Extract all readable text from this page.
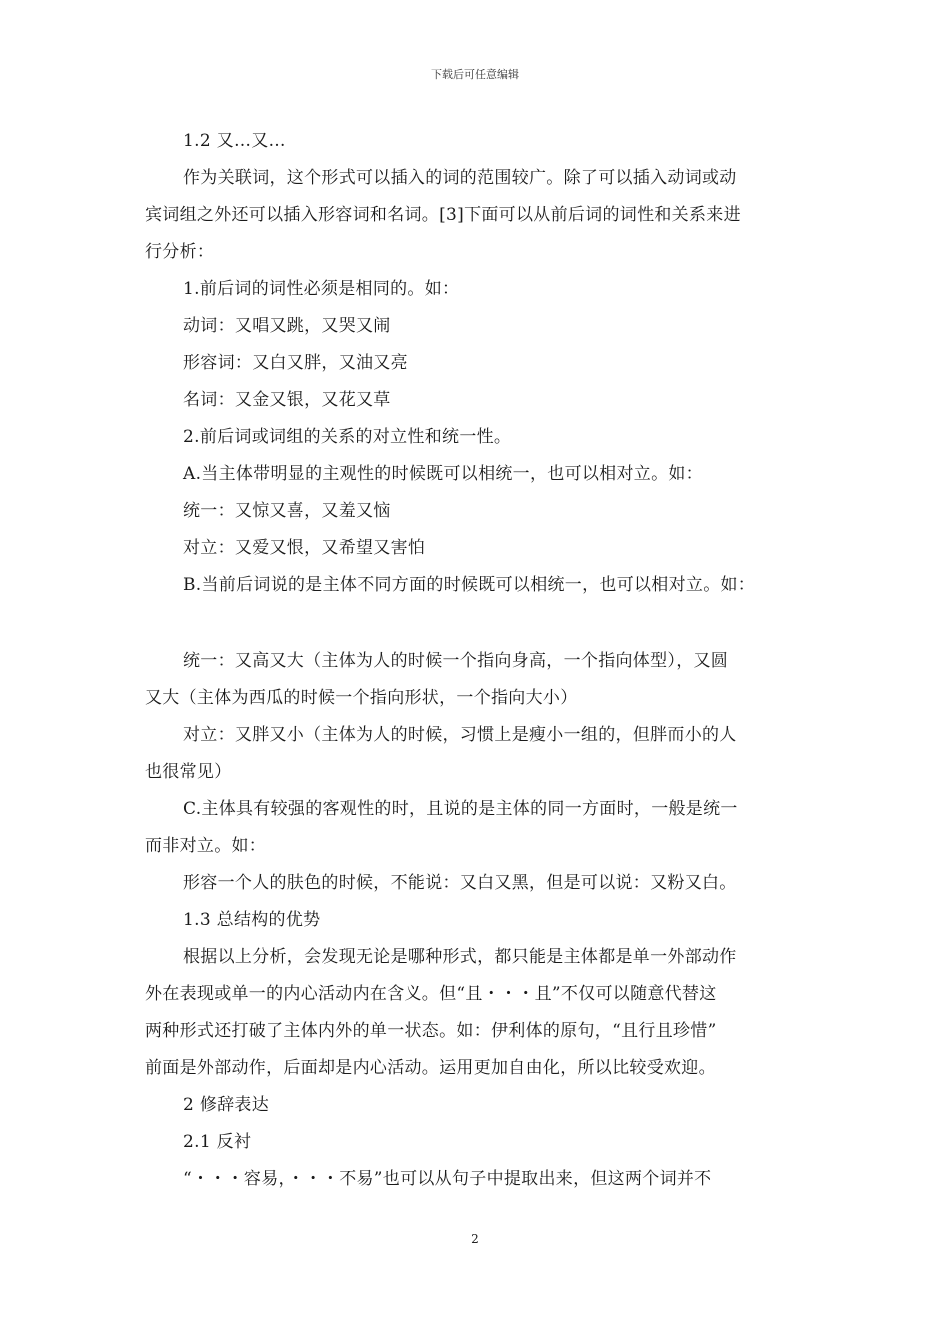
下载后可任意编辑
1.2 又…又…
作为关联词，这个形式可以插入的词的范围较广。除了可以插入动词或动
宾词组之外还可以插入形容词和名词。[3]下面可以从前后词的词性和关系来进
行分析：
1.前后词的词性必须是相同的。如：
动词：又唱又跳，又哭又闹
形容词：又白又胖，又油又亮
名词：又金又银，又花又草
2.前后词或词组的关系的对立性和统一性。
A.当主体带明显的主观性的时候既可以相统一，也可以相对立。如：
统一：又惊又喜，又羞又恼
对立：又爱又恨，又希望又害怕
B.当前后词说的是主体不同方面的时候既可以相统一，也可以相对立。如：
统一：又高又大（主体为人的时候一个指向身高，一个指向体型），又圆
又大（主体为西瓜的时候一个指向形状，一个指向大小）
对立：又胖又小（主体为人的时候，习惯上是瘦小一组的，但胖而小的人
也很常见）
C.主体具有较强的客观性的时，且说的是主体的同一方面时，一般是统一
而非对立。如：
形容一个人的肤色的时候，不能说：又白又黑，但是可以说：又粉又白。
1.3 总结构的优势
根据以上分析，会发现无论是哪种形式，都只能是主体都是单一外部动作
外在表现或单一的内心活动内在含义。但“且・・・且”不仅可以随意代替这
两种形式还打破了主体内外的单一状态。如：伊利体的原句，“且行且珍惜”
前面是外部动作，后面却是内心活动。运用更加自由化，所以比较受欢迎。
2 修辞表达
2.1 反衬
“・・・容易，・・・不易”也可以从句子中提取出来，但这两个词并不
2
